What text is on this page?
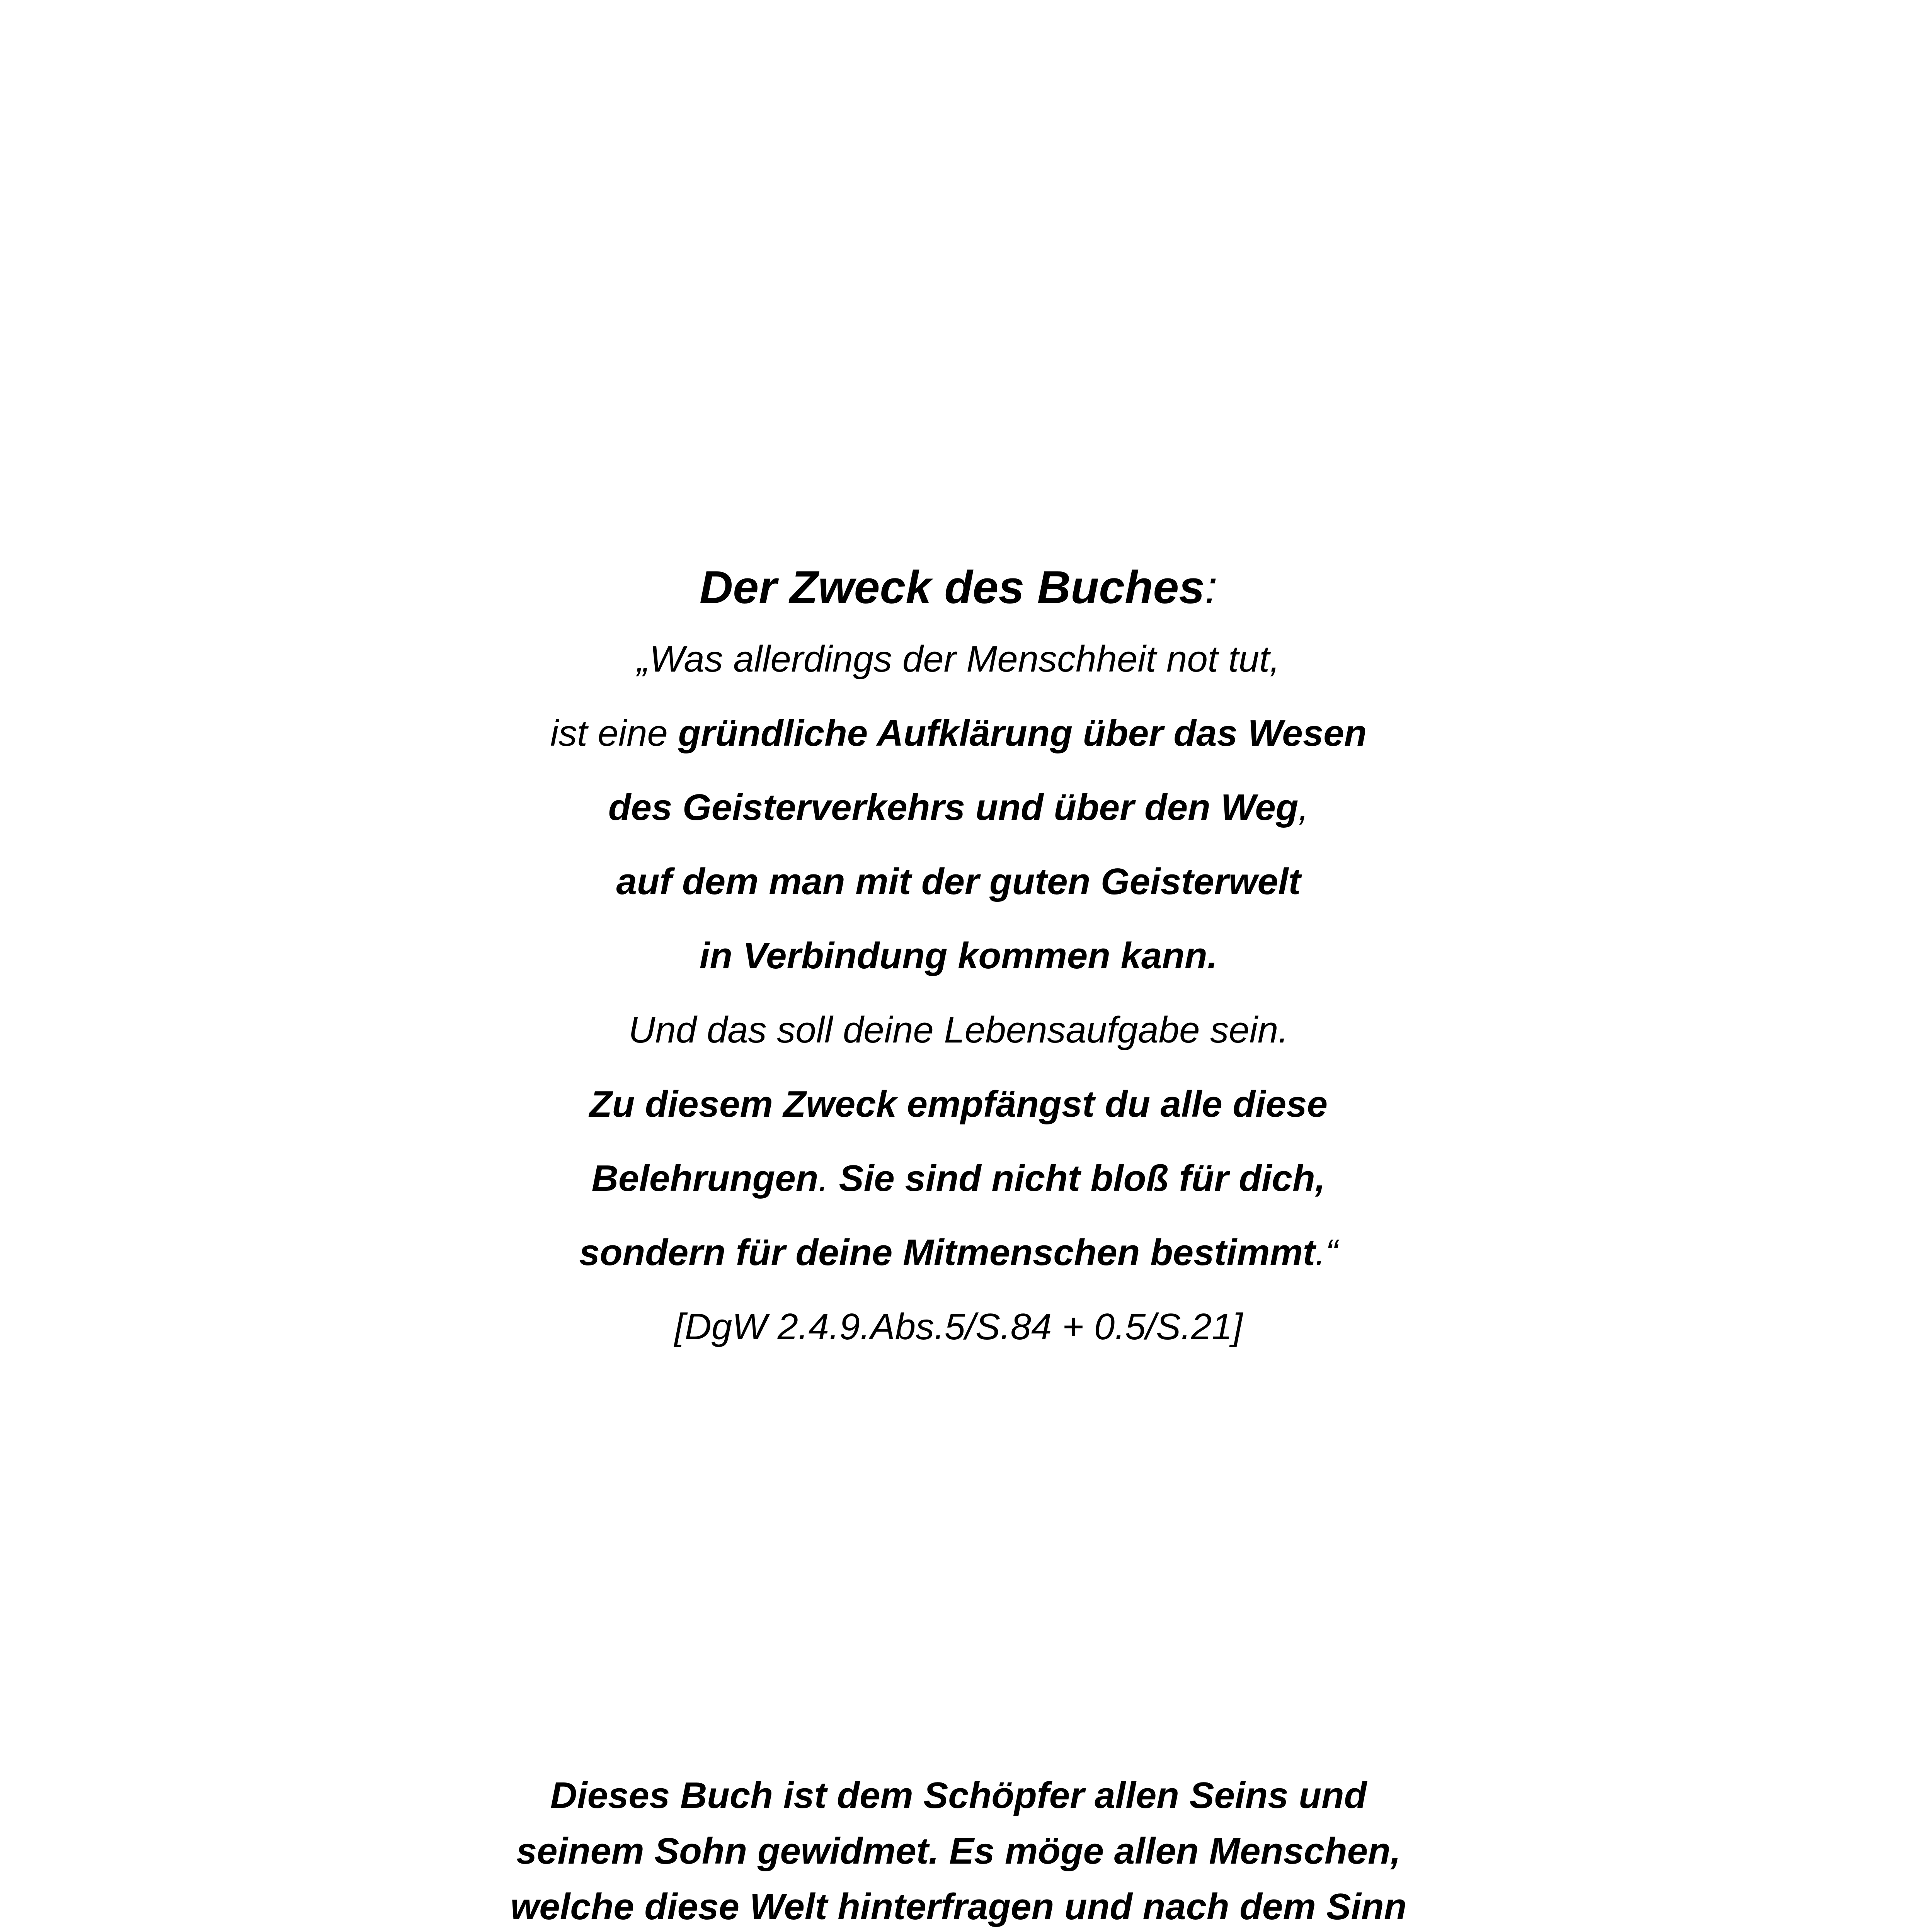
Der Zweck des Buches:

„Was allerdings der Menschheit not tut,

ist eine gründliche Aufklärung über das Wesen

des Geisterverkehrs und über den Weg,

auf dem man mit der guten Geisterwelt

in Verbindung kommen kann.

Und das soll deine Lebensaufgabe sein.

Zu diesem Zweck empfängst du alle diese

Belehrungen. Sie sind nicht bloß für dich,

sondern für deine Mitmenschen bestimmt.“

[DgW 2.4.9.Abs.5/S.84 + 0.5/S.21]

Dieses Buch ist dem Schöpfer allen Seins und

seinem Sohn gewidmet. Es möge allen Menschen,

welche diese Welt hinterfragen und nach dem Sinn
